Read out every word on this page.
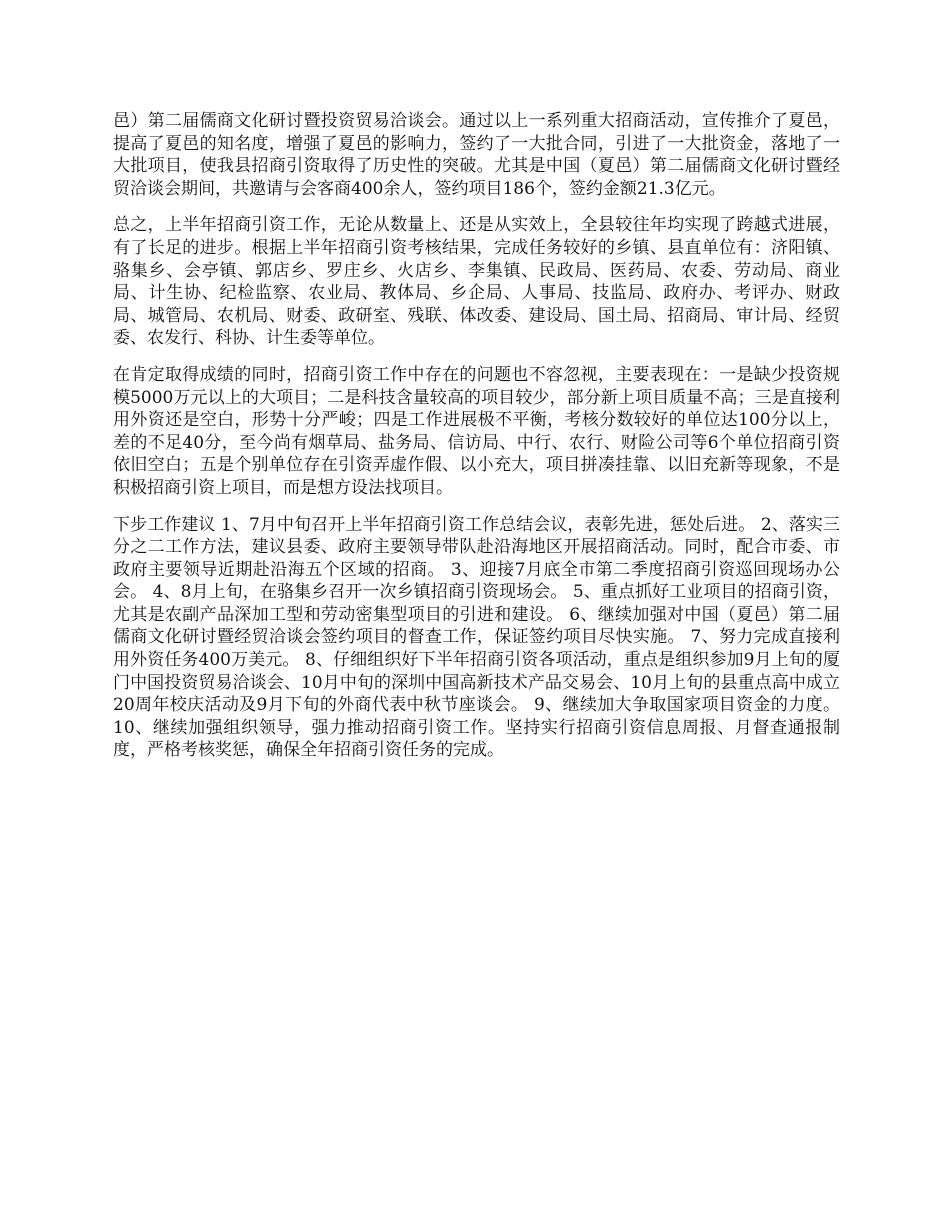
邑）第二届儒商文化研讨暨投资贸易洽谈会。通过以上一系列重大招商活动，宣传推介了夏邑，提高了夏邑的知名度，增强了夏邑的影响力，签约了一大批合同，引进了一大批资金，落地了一大批项目，使我县招商引资取得了历史性的突破。尤其是中国（夏邑）第二届儒商文化研讨暨经贸洽谈会期间，共邀请与会客商400余人，签约项目186个，签约金额21.3亿元。

总之，上半年招商引资工作，无论从数量上、还是从实效上，全县较往年均实现了跨越式进展，有了长足的进步。根据上半年招商引资考核结果，完成任务较好的乡镇、县直单位有：济阳镇、骆集乡、会亭镇、郭店乡、罗庄乡、火店乡、李集镇、民政局、医药局、农委、劳动局、商业局、计生协、纪检监察、农业局、教体局、乡企局、人事局、技监局、政府办、考评办、财政局、城管局、农机局、财委、政研室、残联、体改委、建设局、国土局、招商局、审计局、经贸委、农发行、科协、计生委等单位。

在肯定取得成绩的同时，招商引资工作中存在的问题也不容忽视，主要表现在：一是缺少投资规模5000万元以上的大项目；二是科技含量较高的项目较少，部分新上项目质量不高；三是直接利用外资还是空白，形势十分严峻；四是工作进展极不平衡，考核分数较好的单位达100分以上，差的不足40分，至今尚有烟草局、盐务局、信访局、中行、农行、财险公司等6个单位招商引资依旧空白；五是个别单位存在引资弄虚作假、以小充大，项目拼凑挂靠、以旧充新等现象，不是积极招商引资上项目，而是想方设法找项目。

下步工作建议 1、7月中旬召开上半年招商引资工作总结会议，表彰先进，惩处后进。 2、落实三分之二工作方法，建议县委、政府主要领导带队赴沿海地区开展招商活动。同时，配合市委、市政府主要领导近期赴沿海五个区域的招商。 3、迎接7月底全市第二季度招商引资巡回现场办公会。 4、8月上旬，在骆集乡召开一次乡镇招商引资现场会。 5、重点抓好工业项目的招商引资，尤其是农副产品深加工型和劳动密集型项目的引进和建设。 6、继续加强对中国（夏邑）第二届儒商文化研讨暨经贸洽谈会签约项目的督查工作，保证签约项目尽快实施。 7、努力完成直接利用外资任务400万美元。 8、仔细组织好下半年招商引资各项活动，重点是组织参加9月上旬的厦门中国投资贸易洽谈会、10月中旬的深圳中国高新技术产品交易会、10月上旬的县重点高中成立20周年校庆活动及9月下旬的外商代表中秋节座谈会。 9、继续加大争取国家项目资金的力度。 10、继续加强组织领导，强力推动招商引资工作。坚持实行招商引资信息周报、月督查通报制度，严格考核奖惩，确保全年招商引资任务的完成。
